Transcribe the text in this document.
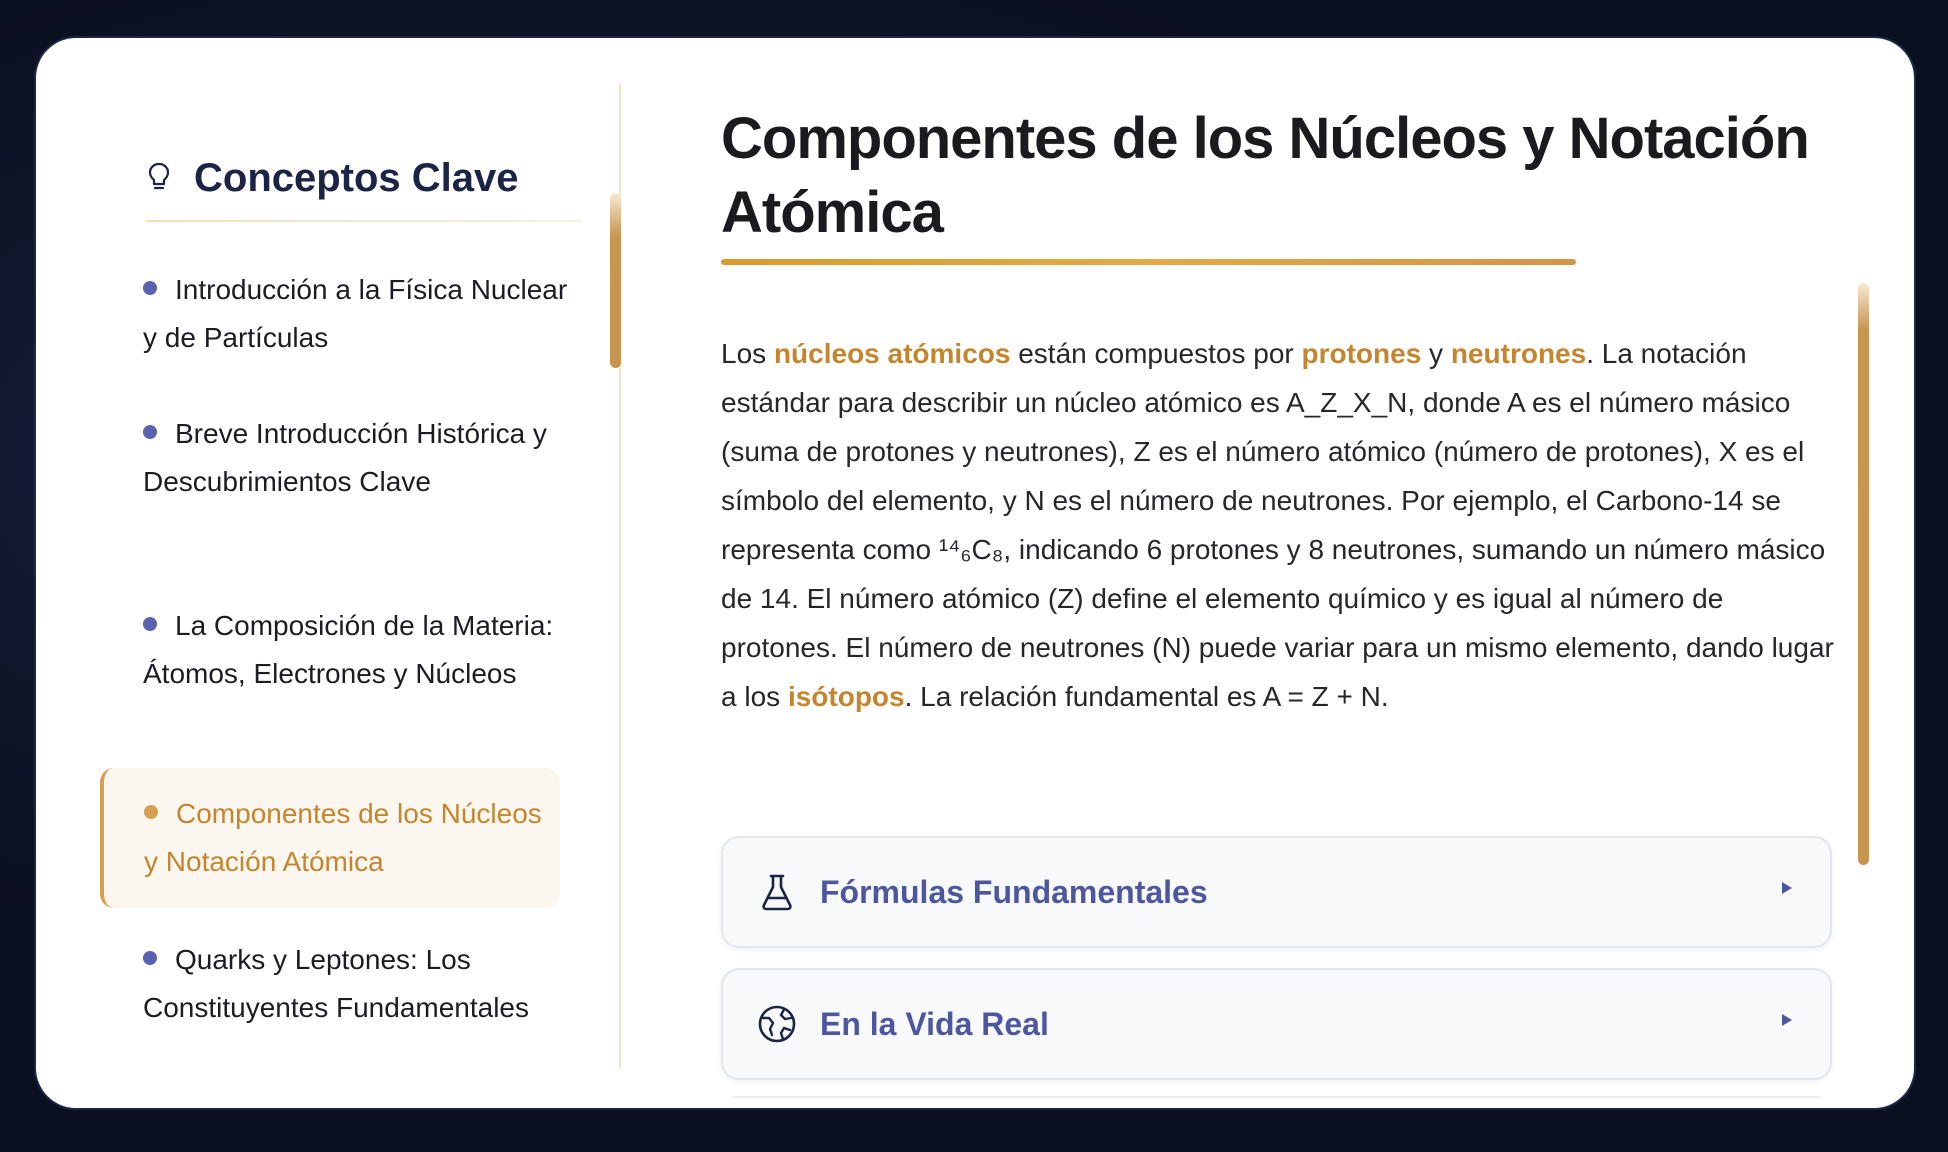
Conceptos Clave
Introducción a la Física Nuclear y de Partículas
Breve Introducción Histórica y Descubrimientos Clave
La Composición de la Materia: Átomos, Electrones y Núcleos
Componentes de los Núcleos y Notación Atómica
Quarks y Leptones: Los Constituyentes Fundamentales
Componentes de los Núcleos y Notación Atómica

Los núcleos atómicos están compuestos por protones y neutrones. La notación estándar para describir un núcleo atómico es A_Z_X_N, donde A es el número másico (suma de protones y neutrones), Z es el número atómico (número de protones), X es el símbolo del elemento, y N es el número de neutrones. Por ejemplo, el Carbono-14 se representa como ¹⁴₆C₈, indicando 6 protones y 8 neutrones, sumando un número másico de 14. El número atómico (Z) define el elemento químico y es igual al número de protones. El número de neutrones (N) puede variar para un mismo elemento, dando lugar a los isótopos. La relación fundamental es A = Z + N.

Fórmulas Fundamentales
En la Vida Real
